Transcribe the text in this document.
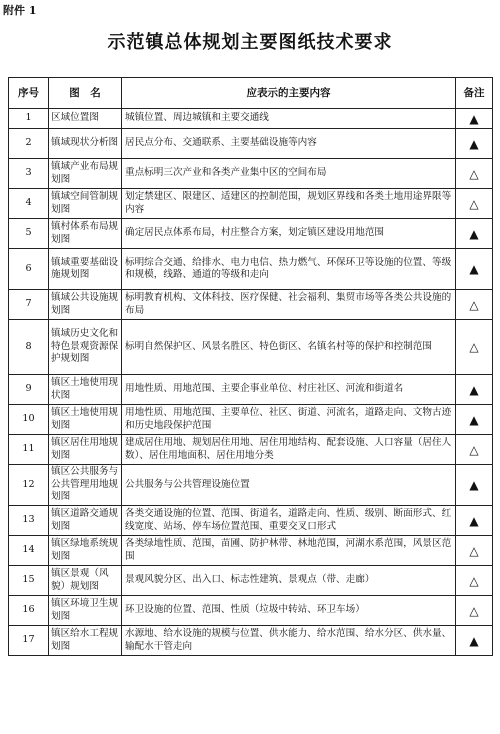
附件 1
示范镇总体规划主要图纸技术要求
序号	图　名	应表示的主要内容	备注
1	区域位置图	城镇位置、周边城镇和主要交通线	▲
2	镇域现状分析图	居民点分布、交通联系、主要基础设施等内容	▲
3	镇域产业布局规划图	重点标明三次产业和各类产业集中区的空间布局	△
4	镇域空间管制规划图	划定禁建区、限建区、适建区的控制范围，规划区界线和各类土地用途界限等内容	△
5	镇村体系布局规划图	确定居民点体系布局，村庄整合方案，划定镇区建设用地范围	▲
6	镇域重要基础设施规划图	标明综合交通、给排水、电力电信、热力燃气、环保环卫等设施的位置、等级和规模，线路、通道的等级和走向	▲
7	镇域公共设施规划图	标明教育机构、文体科技、医疗保健、社会福利、集贸市场等各类公共设施的布局	△
8	镇域历史文化和特色景观资源保护规划图	标明自然保护区、风景名胜区、特色街区、名镇名村等的保护和控制范围	△
9	镇区土地使用现状图	用地性质、用地范围、主要企事业单位、村庄社区、河流和街道名	▲
10	镇区土地使用规划图	用地性质、用地范围、主要单位、社区、街道、河流名，道路走向、文物古迹和历史地段保护范围	▲
11	镇区居住用地规划图	建成居住用地、规划居住用地、居住用地结构、配套设施、人口容量（居住人数）、居住用地面积、居住用地分类	△
12	镇区公共服务与公共管理用地规划图	公共服务与公共管理设施位置	▲
13	镇区道路交通规划图	各类交通设施的位置、范围、街道名，道路走向、性质、级别、断面形式、红线宽度、站场、停车场位置范围、重要交叉口形式	▲
14	镇区绿地系统规划图	各类绿地性质、范围，苗圃、防护林带、林地范围，河湖水系范围，风景区范围	△
15	镇区景观（风貌）规划图	景观风貌分区、出入口、标志性建筑、景观点（带、走廊）	△
16	镇区环境卫生规划图	环卫设施的位置、范围、性质（垃圾中转站、环卫车场）	△
17	镇区给水工程规划图	水源地、给水设施的规模与位置、供水能力、给水范围、给水分区、供水量、输配水干管走向	▲
